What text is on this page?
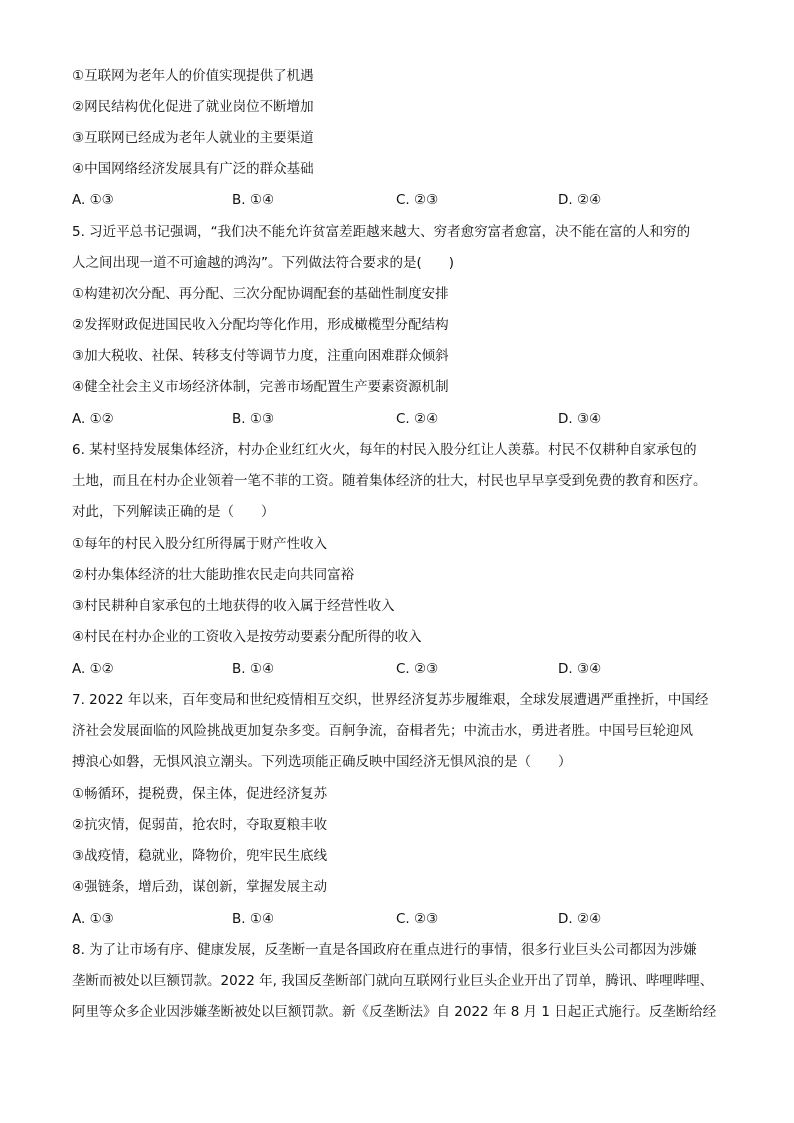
①互联网为老年人的价值实现提供了机遇
②网民结构优化促进了就业岗位不断增加
③互联网已经成为老年人就业的主要渠道
④中国网络经济发展具有广泛的群众基础
A. ①③	B. ①④	C. ②③	D. ②④
5. 习近平总书记强调，“我们决不能允许贫富差距越来越大、穷者愈穷富者愈富，决不能在富的人和穷的
人之间出现一道不可逾越的鸿沟”。下列做法符合要求的是(　　)
①构建初次分配、再分配、三次分配协调配套的基础性制度安排
②发挥财政促进国民收入分配均等化作用，形成橄榄型分配结构
③加大税收、社保、转移支付等调节力度，注重向困难群众倾斜
④健全社会主义市场经济体制，完善市场配置生产要素资源机制
A. ①②	B. ①③	C. ②④	D. ③④
6. 某村坚持发展集体经济，村办企业红红火火，每年的村民入股分红让人羡慕。村民不仅耕种自家承包的
土地，而且在村办企业领着一笔不菲的工资。随着集体经济的壮大，村民也早早享受到免费的教育和医疗。
对此，下列解读正确的是（　　）
①每年的村民入股分红所得属于财产性收入
②村办集体经济的壮大能助推农民走向共同富裕
③村民耕种自家承包的土地获得的收入属于经营性收入
④村民在村办企业的工资收入是按劳动要素分配所得的收入
A. ①②	B. ①④	C. ②③	D. ③④
7. 2022 年以来，百年变局和世纪疫情相互交织，世界经济复苏步履维艰，全球发展遭遇严重挫折，中国经
济社会发展面临的风险挑战更加复杂多变。百舸争流，奋楫者先；中流击水，勇进者胜。中国号巨轮迎风
搏浪心如磐，无惧风浪立潮头。下列选项能正确反映中国经济无惧风浪的是（　　）
①畅循环，提税费，保主体，促进经济复苏
②抗灾情，促弱苗，抢农时，夺取夏粮丰收
③战疫情，稳就业，降物价，兜牢民生底线
④强链条，增后劲，谋创新，掌握发展主动
A. ①③	B. ①④	C. ②③	D. ②④
8. 为了让市场有序、健康发展，反垄断一直是各国政府在重点进行的事情，很多行业巨头公司都因为涉嫌
垄断而被处以巨额罚款。2022 年, 我国反垄断部门就向互联网行业巨头企业开出了罚单，腾讯、哔哩哔哩、
阿里等众多企业因涉嫌垄断被处以巨额罚款。新《反垄断法》自 2022 年 8 月 1 日起正式施行。反垄断给经
